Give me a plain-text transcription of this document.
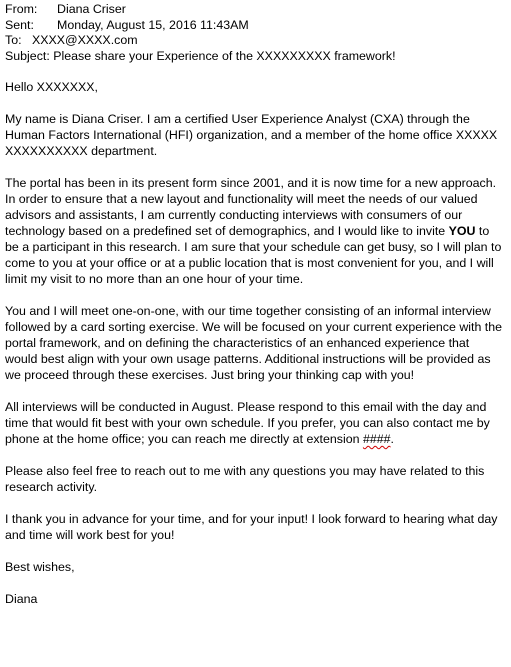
From:	Diana Criser
Sent:	Monday, August 15, 2016 11:43AM
To: XXXX@XXXX.com
Subject:
Please share your Experience of the XXXXXXXXX framework!
Hello XXXXXXX,
My name is Diana Criser. I am a certified User Experience Analyst (CXA) through the Human Factors International (HFI) organization, and a member of the home office XXXXX XXXXXXXXXX department.
The portal has been in its present form since 2001, and it is now time for a new approach. In order to ensure that a new layout and functionality will meet the needs of our valued advisors and assistants, I am currently conducting interviews with consumers of our technology based on a predefined set of demographics, and I would like to invite YOU to be a participant in this research. I am sure that your schedule can get busy, so I will plan to come to you at your office or at a public location that is most convenient for you, and I will limit my visit to no more than an one hour of your time.
You and I will meet one-on-one, with our time together consisting of an informal interview followed by a card sorting exercise. We will be focused on your current experience with the portal framework, and on defining the characteristics of an enhanced experience that would best align with your own usage patterns. Additional instructions will be provided as we proceed through these exercises. Just bring your thinking cap with you!
All interviews will be conducted in August. Please respond to this email with the day and time that would fit best with your own schedule. If you prefer, you can also contact me by phone at the home office; you can reach me directly at extension ####.
Please also feel free to reach out to me with any questions you may have related to this research activity.
I thank you in advance for your time, and for your input! I look forward to hearing what day and time will work best for you!
Best wishes,
Diana
